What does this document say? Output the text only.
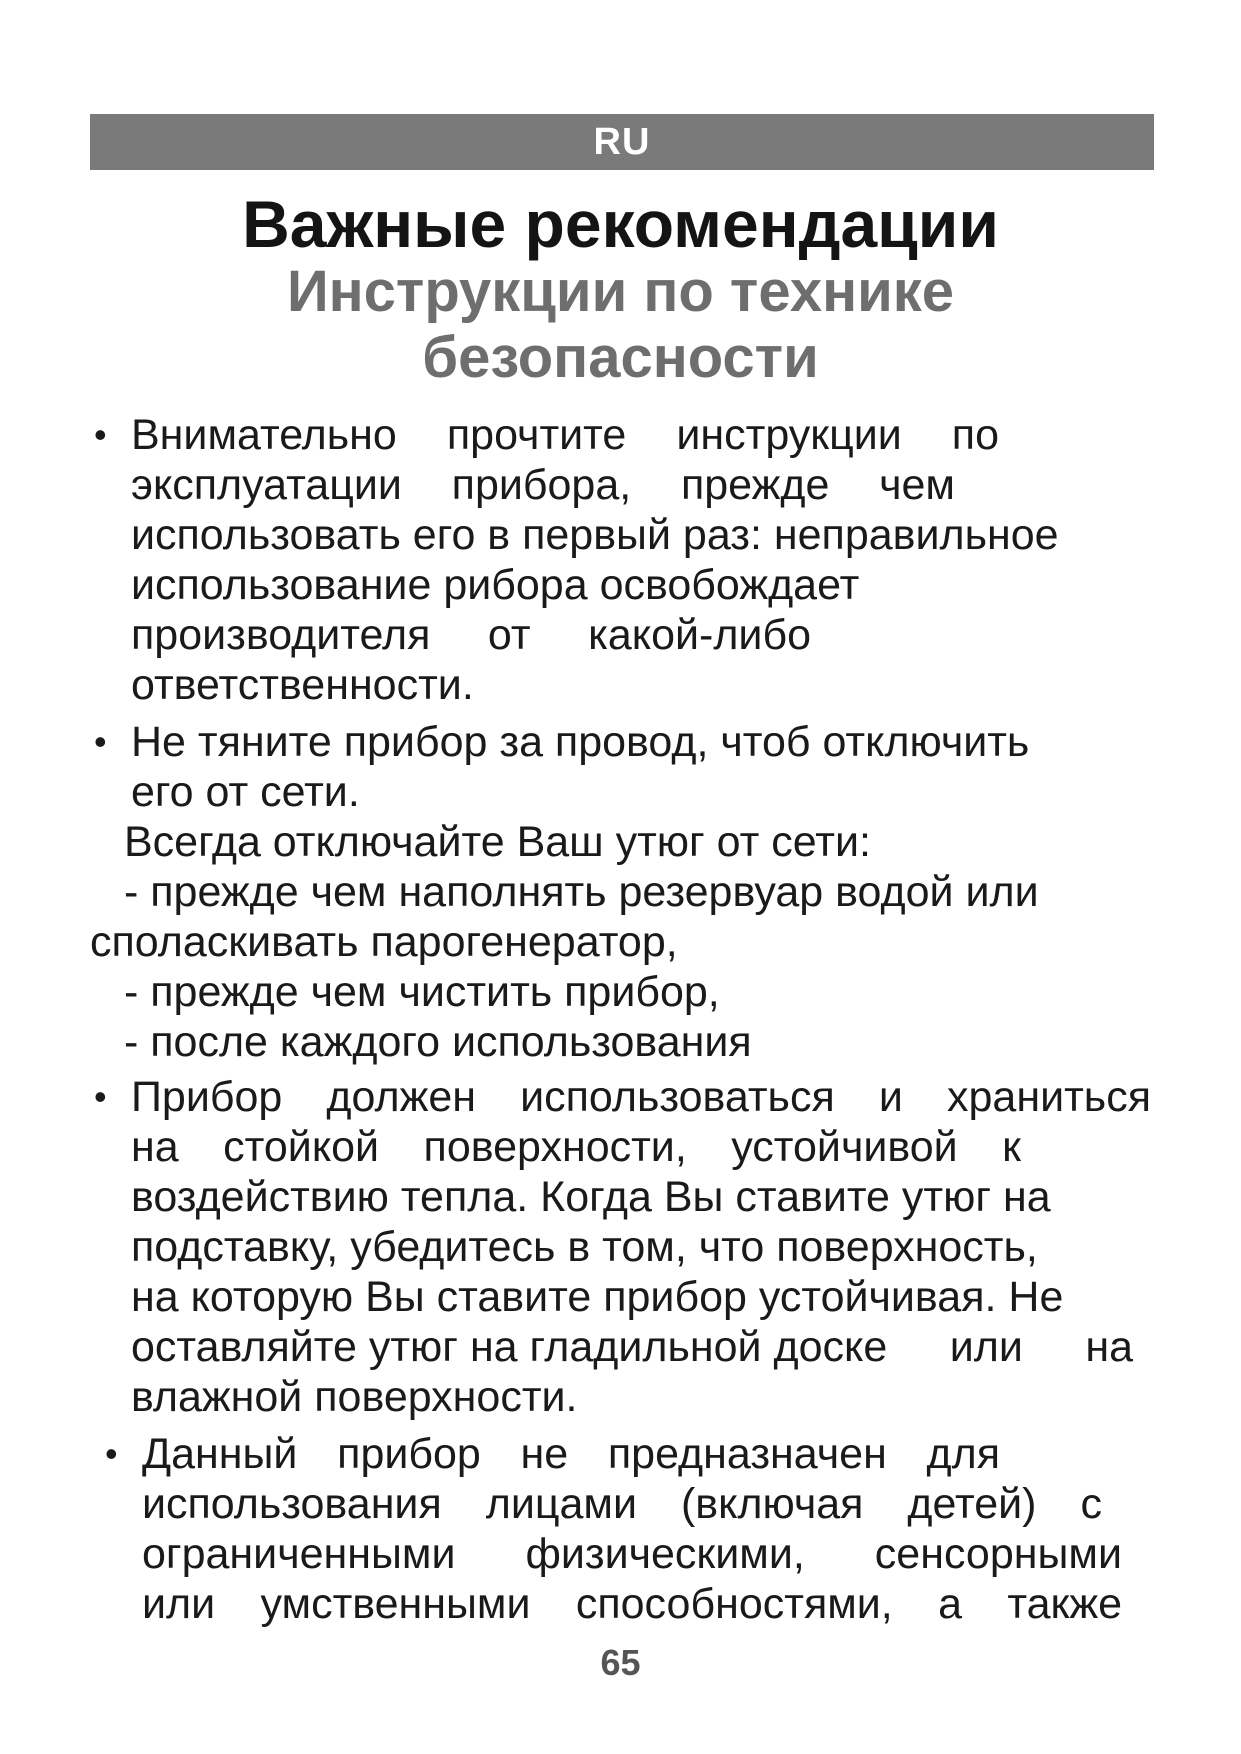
RU
Важные рекомендации
Инструкции по технике
безопасности
• Внимательно прочтите инструкции по
эксплуатации прибора, прежде чем
использовать его в первый раз: неправильное
использование рибора освобождает
производителя от какой-либо
ответственности.
• Не тяните прибор за провод, чтоб отключить
его от сети.
Всегда отключайте Ваш утюг от сети:
- прежде чем наполнять резервуар водой или
споласкивать парогенератор,
- прежде чем чистить прибор,
- после каждого использования
• Прибор должен использоваться и храниться
на стойкой поверхности, устойчивой к
воздействию тепла. Когда Вы ставите утюг на
подставку, убедитесь в том, что поверхность,
на которую Вы ставите прибор устойчивая. Не
оставляйте утюг на гладильной доске или на
влажной поверхности.
• Данный прибор не предназначен для
использования лицами (включая детей) с
ограниченными физическими, сенсорными
или умственными способностями, а также
65
